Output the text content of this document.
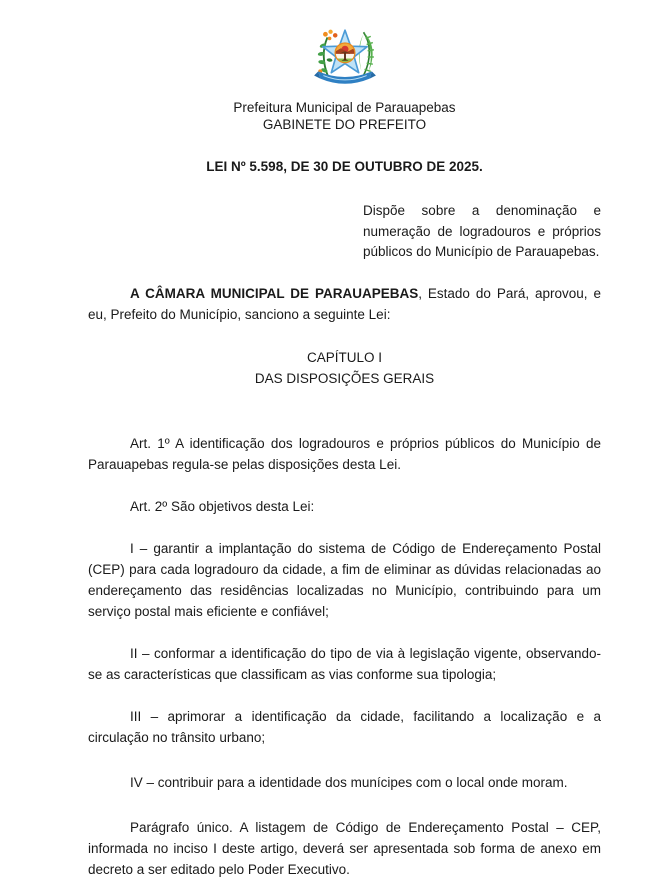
Prefeitura Municipal de Parauapebas
GABINETE DO PREFEITO
LEI Nº 5.598, DE 30 DE OUTUBRO DE 2025.

Dispõe sobre a denominação e numeração de logradouros e próprios públicos do Município de Parauapebas.

A CÂMARA MUNICIPAL DE PARAUAPEBAS, Estado do Pará, aprovou, e eu, Prefeito do Município, sanciono a seguinte Lei:

CAPÍTULO I
DAS DISPOSIÇÕES GERAIS

Art. 1º A identificação dos logradouros e próprios públicos do Município de Parauapebas regula-se pelas disposições desta Lei.

Art. 2º São objetivos desta Lei:

I – garantir a implantação do sistema de Código de Endereçamento Postal (CEP) para cada logradouro da cidade, a fim de eliminar as dúvidas relacionadas ao endereçamento das residências localizadas no Município, contribuindo para um serviço postal mais eficiente e confiável;

II – conformar a identificação do tipo de via à legislação vigente, observando-se as características que classificam as vias conforme sua tipologia;

III – aprimorar a identificação da cidade, facilitando a localização e a circulação no trânsito urbano;

IV – contribuir para a identidade dos munícipes com o local onde moram.

Parágrafo único. A listagem de Código de Endereçamento Postal – CEP, informada no inciso I deste artigo, deverá ser apresentada sob forma de anexo em decreto a ser editado pelo Poder Executivo.
